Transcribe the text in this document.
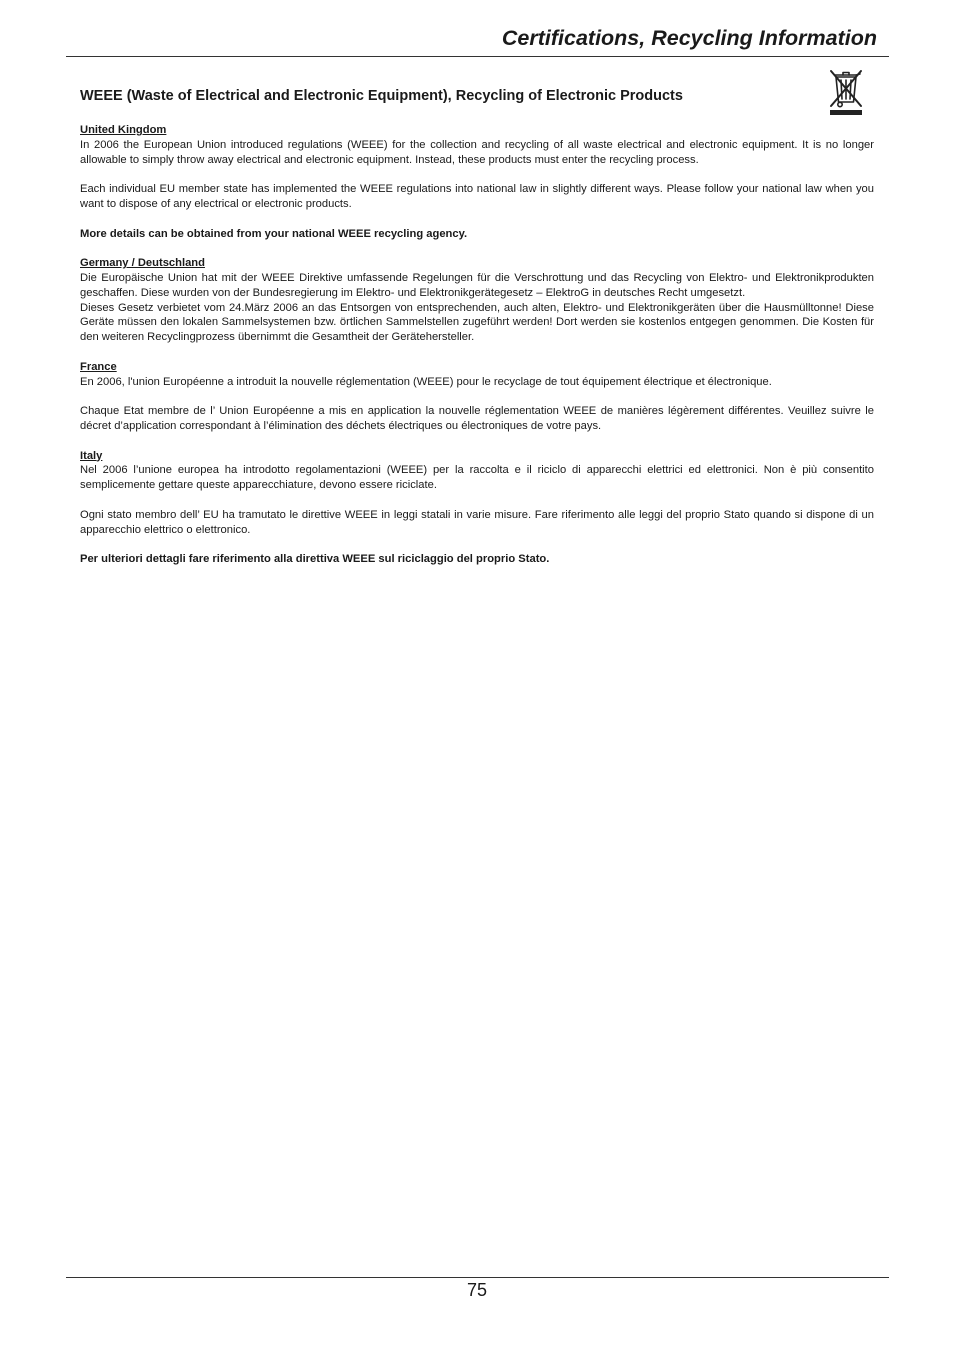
Certifications, Recycling Information
WEEE (Waste of Electrical and Electronic Equipment), Recycling of Electronic Products
United Kingdom

In 2006 the European Union introduced regulations (WEEE) for the collection and recycling of all waste electrical and electronic equipment. It is no longer allowable to simply throw away electrical and electronic equipment. Instead, these products must enter the recycling process.

Each individual EU member state has implemented the WEEE regulations into national law in slightly different ways. Please follow your national law when you want to dispose of any electrical or electronic products.

More details can be obtained from your national WEEE recycling agency.

Germany / Deutschland

Die Europäische Union hat mit der WEEE Direktive umfassende Regelungen für die Verschrottung und das Recycling von Elektro- und Elektronikprodukten geschaffen. Diese wurden von der Bundesregierung im Elektro- und Elektronikgerätegesetz – ElektroG in deutsches Recht umgesetzt.

Dieses Gesetz verbietet vom 24.März 2006 an das Entsorgen von entsprechenden, auch alten, Elektro- und Elektronikgeräten über die Hausmülltonne! Diese Geräte müssen den lokalen Sammelsystemen bzw. örtlichen Sammelstellen zugeführt werden! Dort werden sie kostenlos entgegen genommen. Die Kosten für den weiteren Recyclingprozess übernimmt die Gesamtheit der Gerätehersteller.

France

En 2006, l'union Européenne a introduit la nouvelle réglementation (WEEE) pour le recyclage de tout équipement électrique et électronique.

Chaque Etat membre de l’ Union Européenne a mis en application la nouvelle réglementation WEEE de manières légèrement différentes. Veuillez suivre le décret d’application correspondant à l’élimination des déchets électriques ou électroniques de votre pays.

Italy

Nel 2006 l’unione europea ha introdotto regolamentazioni (WEEE) per la raccolta e il riciclo di apparecchi elettrici ed elettronici. Non è più consentito semplicemente gettare queste apparecchiature, devono essere riciclate.

Ogni stato membro dell’ EU ha tramutato le direttive WEEE in leggi statali in varie misure. Fare riferimento alle leggi del proprio Stato quando si dispone di un apparecchio elettrico o elettronico.

Per ulteriori dettagli fare riferimento alla direttiva WEEE sul riciclaggio del proprio Stato.

75
